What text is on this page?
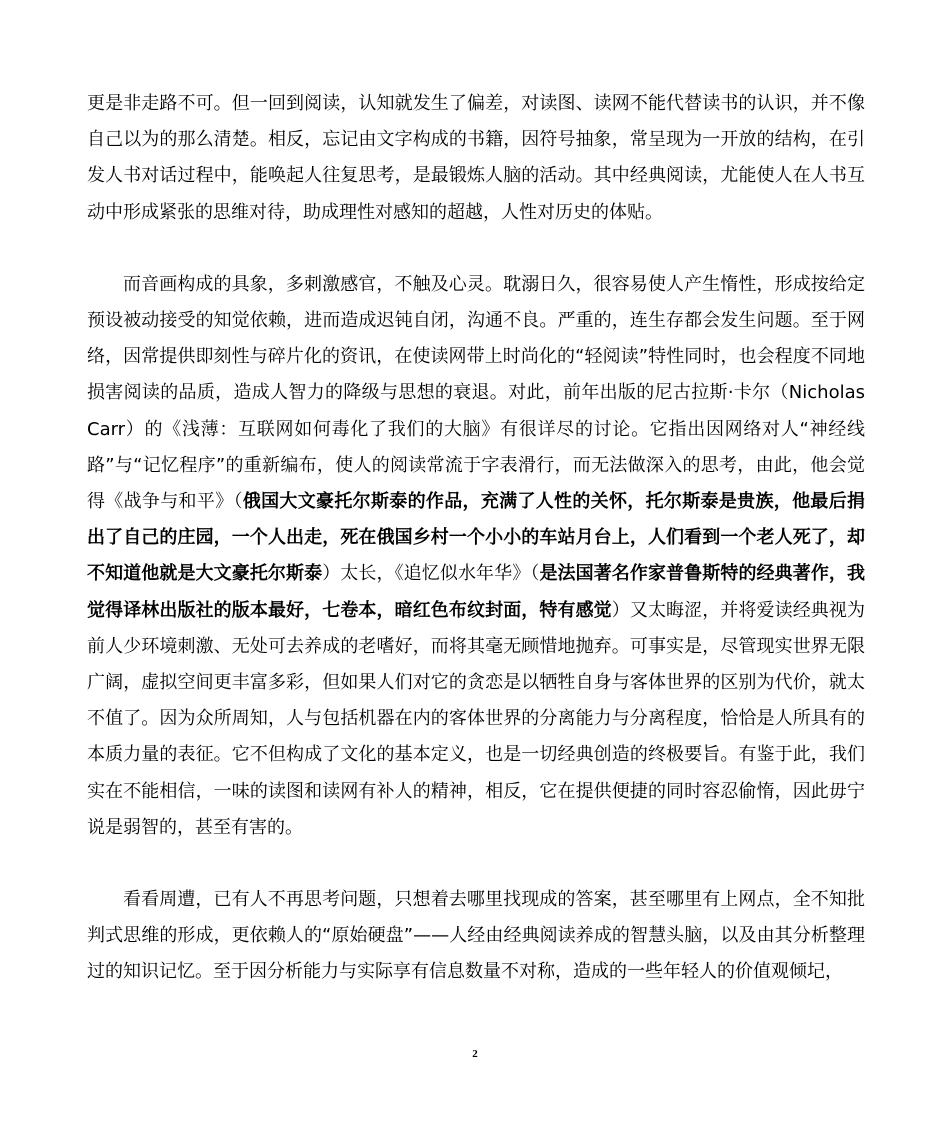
更是非走路不可。但一回到阅读，认知就发生了偏差，对读图、读网不能代替读书的认识，并不像自己以为的那么清楚。相反，忘记由文字构成的书籍，因符号抽象，常呈现为一开放的结构，在引发人书对话过程中，能唤起人往复思考，是最锻炼人脑的活动。其中经典阅读，尤能使人在人书互动中形成紧张的思维对待，助成理性对感知的超越，人性对历史的体贴。

而音画构成的具象，多刺激感官，不触及心灵。耽溺日久，很容易使人产生惰性，形成按给定预设被动接受的知觉依赖，进而造成迟钝自闭，沟通不良。严重的，连生存都会发生问题。至于网络，因常提供即刻性与碎片化的资讯，在使读网带上时尚化的“轻阅读”特性同时，也会程度不同地损害阅读的品质，造成人智力的降级与思想的衰退。对此，前年出版的尼古拉斯·卡尔（Nicholas Carr）的《浅薄：互联网如何毒化了我们的大脑》有很详尽的讨论。它指出因网络对人“神经线路”与“记忆程序”的重新编布，使人的阅读常流于字表滑行，而无法做深入的思考，由此，他会觉得《战争与和平》（俄国大文豪托尔斯泰的作品，充满了人性的关怀，托尔斯泰是贵族，他最后捐出了自己的庄园，一个人出走，死在俄国乡村一个小小的车站月台上，人们看到一个老人死了，却不知道他就是大文豪托尔斯泰）太长，《追忆似水年华》（是法国著名作家普鲁斯特的经典著作，我觉得译林出版社的版本最好，七卷本，暗红色布纹封面，特有感觉）又太晦涩，并将爱读经典视为前人少环境刺激、无处可去养成的老嗜好，而将其毫无顾惜地抛弃。可事实是，尽管现实世界无限广阔，虚拟空间更丰富多彩，但如果人们对它的贪恋是以牺牲自身与客体世界的区别为代价，就太不值了。因为众所周知，人与包括机器在内的客体世界的分离能力与分离程度，恰恰是人所具有的本质力量的表征。它不但构成了文化的基本定义，也是一切经典创造的终极要旨。有鉴于此，我们实在不能相信，一味的读图和读网有补人的精神，相反，它在提供便捷的同时容忍偷惰，因此毋宁说是弱智的，甚至有害的。

看看周遭，已有人不再思考问题，只想着去哪里找现成的答案，甚至哪里有上网点，全不知批判式思维的形成，更依赖人的“原始硬盘”——人经由经典阅读养成的智慧头脑，以及由其分析整理过的知识记忆。至于因分析能力与实际享有信息数量不对称，造成的一些年轻人的价值观倾圮，

2
